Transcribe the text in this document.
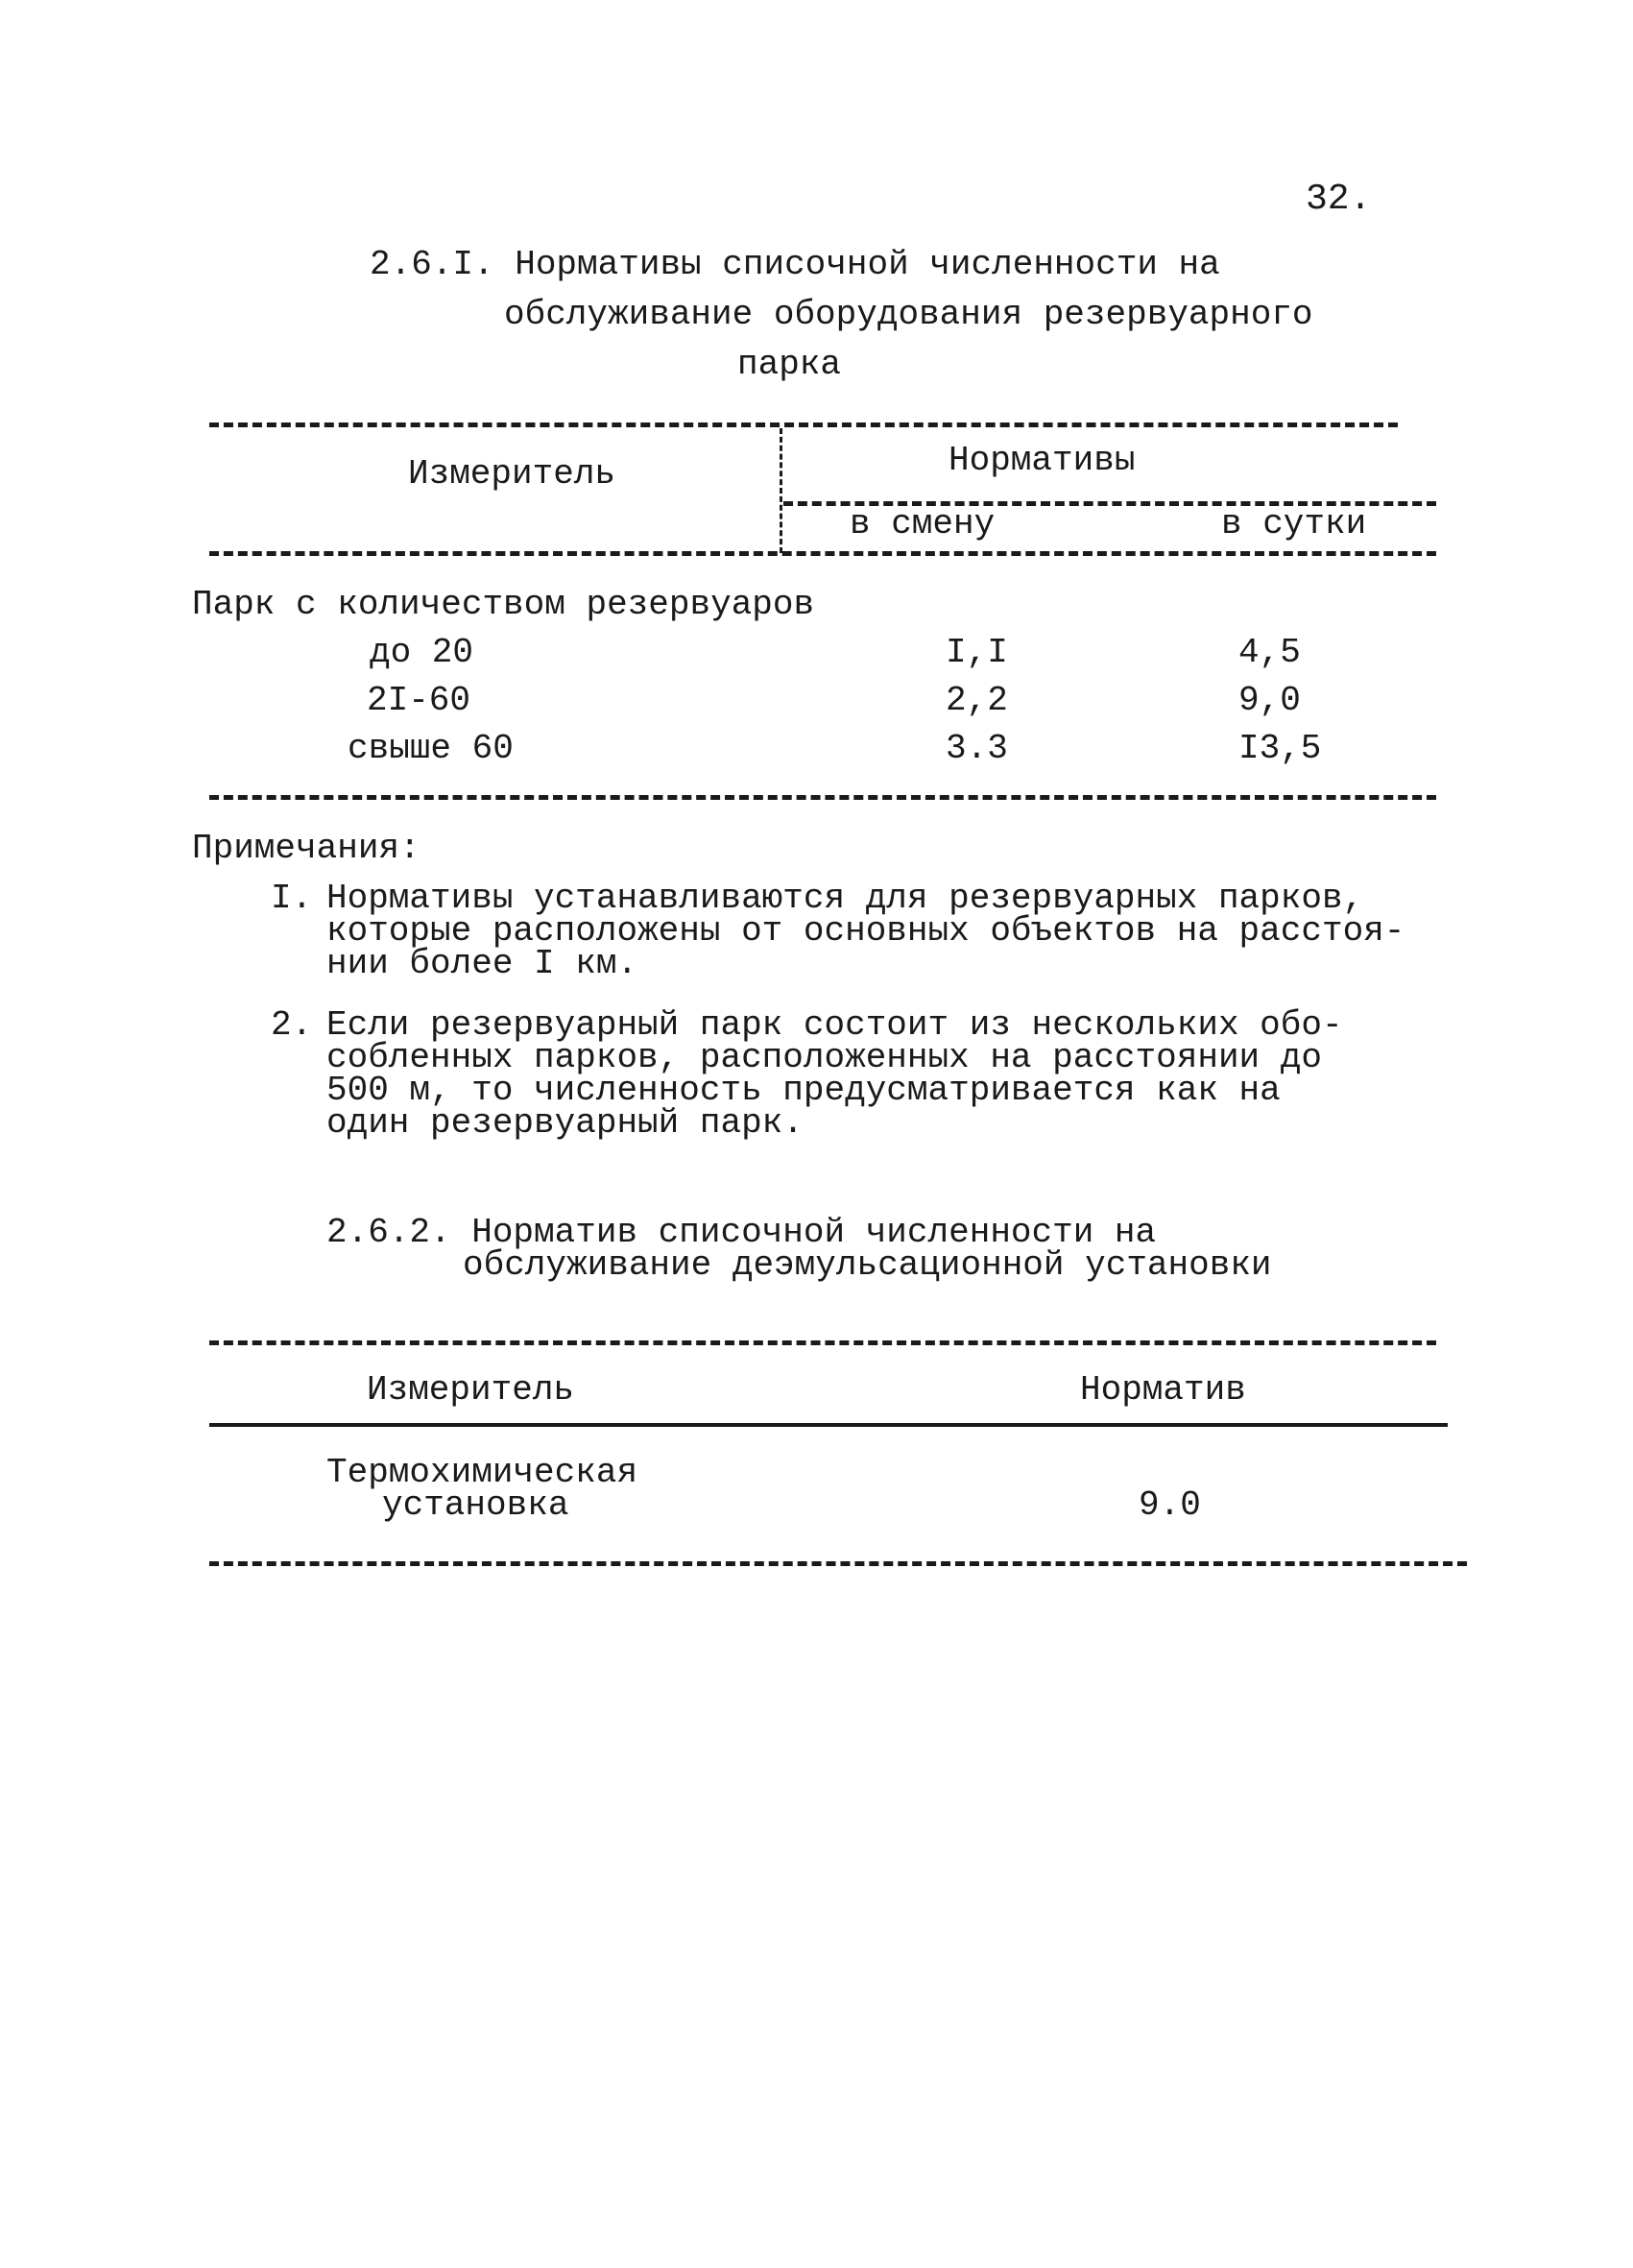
32.
2.6.I. Нормативы списочной численности на
обслуживание оборудования резервуарного
парка
Измеритель	Нормативы
в смену	в сутки
Парк с количеством резервуаров
до 20	I,I	4,5
2I-60	2,2	9,0
свыше 60	3.3	I3,5
Примечания:
I. Нормативы устанавливаются для резервуарных парков,
которые расположены от основных объектов на расстоя-
нии более I км.
2. Если резервуарный парк состоит из нескольких обо-
собленных парков, расположенных на расстоянии до
500 м, то численность предусматривается как на
один резервуарный парк.
2.6.2. Норматив списочной численности на
обслуживание деэмульсационной установки
Измеритель	Норматив
Термохимическая
установка	9.0
